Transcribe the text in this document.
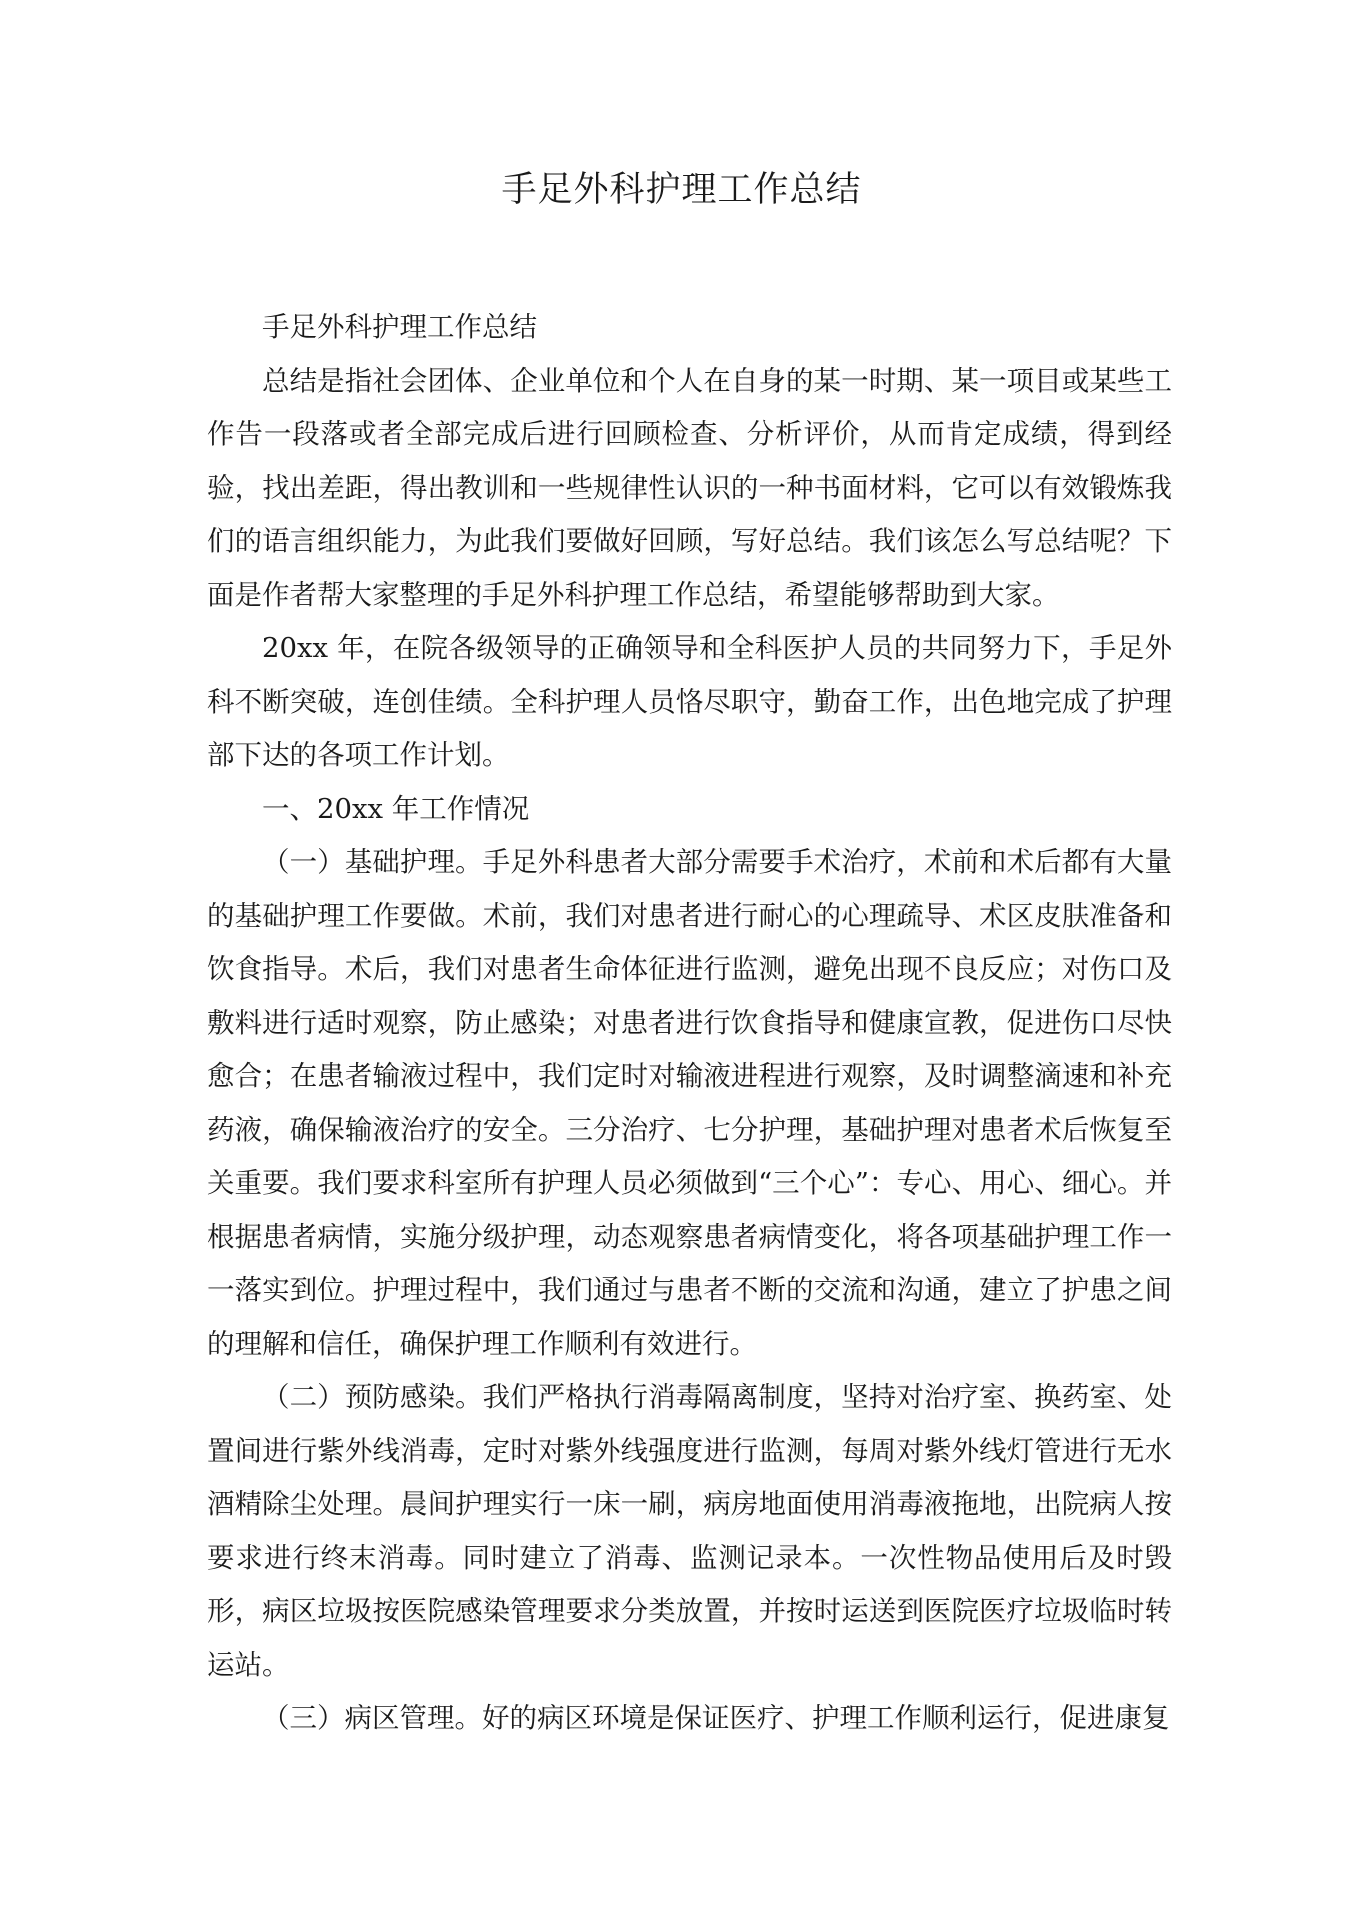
手足外科护理工作总结

手足外科护理工作总结

总结是指社会团体、企业单位和个人在自身的某一时期、某一项目或某些工作告一段落或者全部完成后进行回顾检查、分析评价，从而肯定成绩，得到经验，找出差距，得出教训和一些规律性认识的一种书面材料，它可以有效锻炼我们的语言组织能力，为此我们要做好回顾，写好总结。我们该怎么写总结呢？下面是作者帮大家整理的手足外科护理工作总结，希望能够帮助到大家。

20xx 年，在院各级领导的正确领导和全科医护人员的共同努力下，手足外科不断突破，连创佳绩。全科护理人员恪尽职守，勤奋工作，出色地完成了护理部下达的各项工作计划。

一、20xx 年工作情况

（一）基础护理。手足外科患者大部分需要手术治疗，术前和术后都有大量的基础护理工作要做。术前，我们对患者进行耐心的心理疏导、术区皮肤准备和饮食指导。术后，我们对患者生命体征进行监测，避免出现不良反应；对伤口及敷料进行适时观察，防止感染；对患者进行饮食指导和健康宣教，促进伤口尽快愈合；在患者输液过程中，我们定时对输液进程进行观察，及时调整滴速和补充药液，确保输液治疗的安全。三分治疗、七分护理，基础护理对患者术后恢复至关重要。我们要求科室所有护理人员必须做到“三个心”：专心、用心、细心。并根据患者病情，实施分级护理，动态观察患者病情变化，将各项基础护理工作一一落实到位。护理过程中，我们通过与患者不断的交流和沟通，建立了护患之间的理解和信任，确保护理工作顺利有效进行。

（二）预防感染。我们严格执行消毒隔离制度，坚持对治疗室、换药室、处置间进行紫外线消毒，定时对紫外线强度进行监测，每周对紫外线灯管进行无水酒精除尘处理。晨间护理实行一床一刷，病房地面使用消毒液拖地，出院病人按要求进行终末消毒。同时建立了消毒、监测记录本。一次性物品使用后及时毁形，病区垃圾按医院感染管理要求分类放置，并按时运送到医院医疗垃圾临时转运站。

（三）病区管理。好的病区环境是保证医疗、护理工作顺利运行，促进康复
